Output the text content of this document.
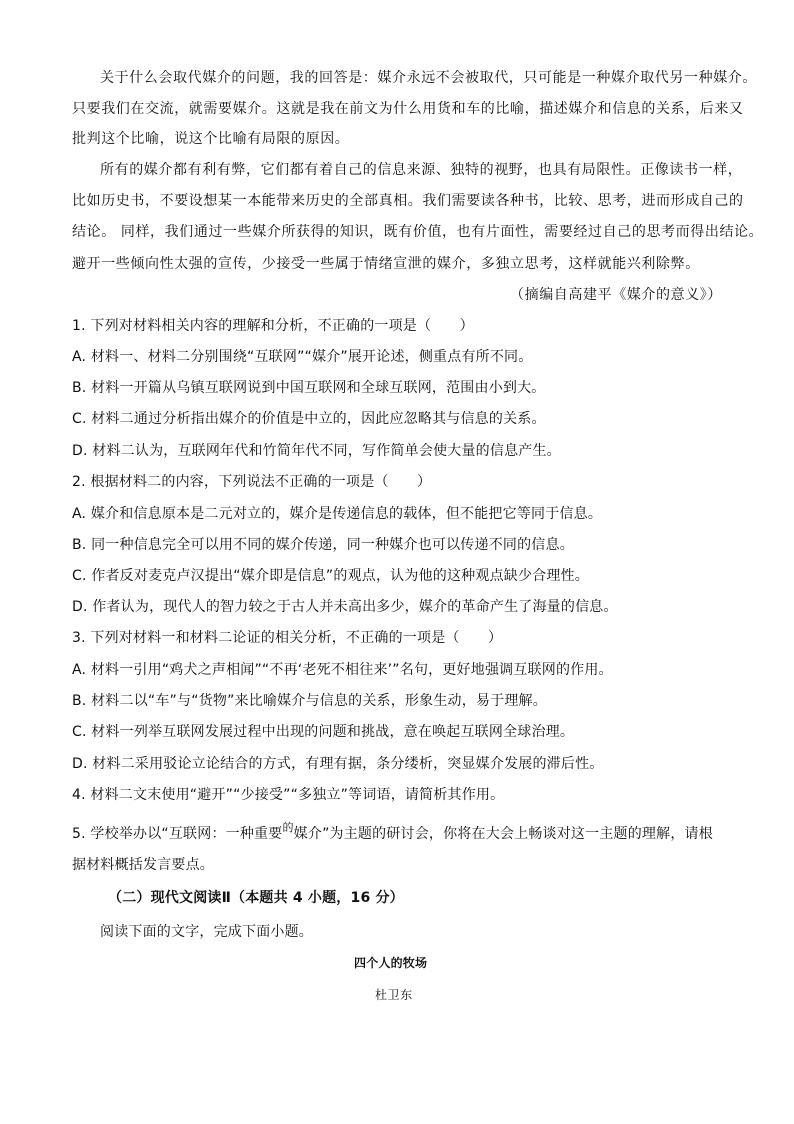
关于什么会取代媒介的问题，我的回答是：媒介永远不会被取代，只可能是一种媒介取代另一种媒介。
只要我们在交流，就需要媒介。这就是我在前文为什么用货和车的比喻，描述媒介和信息的关系，后来又
批判这个比喻，说这个比喻有局限的原因。
所有的媒介都有利有弊，它们都有着自己的信息来源、独特的视野，也具有局限性。正像读书一样，
比如历史书，不要设想某一本能带来历史的全部真相。我们需要读各种书，比较、思考，进而形成自己的
结论。 同样，我们通过一些媒介所获得的知识，既有价值，也有片面性，需要经过自己的思考而得出结论。
避开一些倾向性太强的宣传，少接受一些属于情绪宣泄的媒介，多独立思考，这样就能兴利除弊。
（摘编自高建平《媒介的意义》）
1. 下列对材料相关内容的理解和分析，不正确的一项是（　　）
A. 材料一、材料二分别围绕“互联网”“媒介”展开论述，侧重点有所不同。
B. 材料一开篇从乌镇互联网说到中国互联网和全球互联网，范围由小到大。
C. 材料二通过分析指出媒介的价值是中立的，因此应忽略其与信息的关系。
D. 材料二认为，互联网年代和竹简年代不同，写作简单会使大量的信息产生。
2. 根据材料二的内容，下列说法不正确的一项是（　　）
A. 媒介和信息原本是二元对立的，媒介是传递信息的载体，但不能把它等同于信息。
B. 同一种信息完全可以用不同的媒介传递，同一种媒介也可以传递不同的信息。
C. 作者反对麦克卢汉提出“媒介即是信息”的观点，认为他的这种观点缺少合理性。
D. 作者认为，现代人的智力较之于古人并未高出多少，媒介的革命产生了海量的信息。
3. 下列对材料一和材料二论证的相关分析，不正确的一项是（　　）
A. 材料一引用“鸡犬之声相闻”“不再‘老死不相往来’”名句，更好地强调互联网的作用。
B. 材料二以“车”与“货物”来比喻媒介与信息的关系，形象生动，易于理解。
C. 材料一列举互联网发展过程中出现的问题和挑战，意在唤起互联网全球治理。
D. 材料二采用驳论立论结合的方式，有理有据，条分缕析，突显媒介发展的滞后性。
4. 材料二文末使用“避开”“少接受”“多独立”等词语，请简析其作用。
5. 学校举办以“互联网：一种重要$^的$媒介”为主题的研讨会，你将在大会上畅谈对这一主题的理解，请根
据材料概括发言要点。
（二）现代文阅读Ⅱ（本题共 4 小题，16 分）
阅读下面的文字，完成下面小题。
四个人的牧场
杜卫东
